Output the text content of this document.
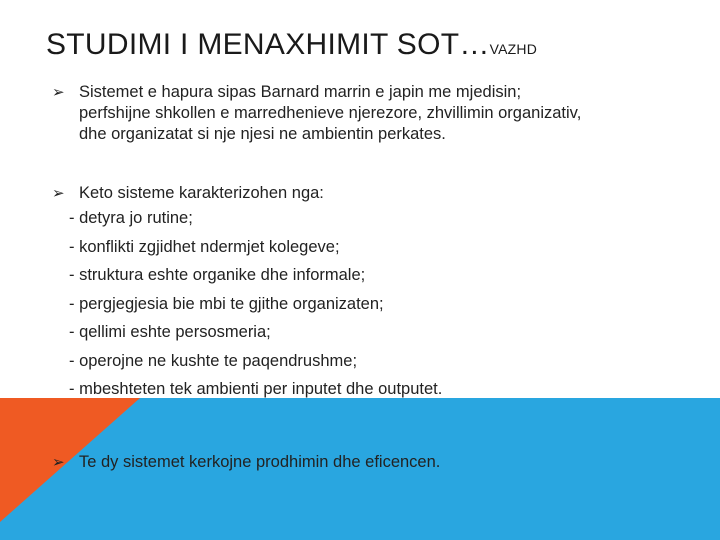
STUDIMI I MENAXHIMIT SOT…VAZHD
➢ Sistemet e hapura sipas Barnard marrin e japin me mjedisin;

perfshijne shkollen e marredhenieve njerezore, zhvillimin organizativ,

dhe organizatat si nje njesi ne ambientin perkates.

➢ Keto sisteme karakterizohen nga:
- detyra jo rutine;
- konflikti zgjidhet ndermjet kolegeve;
- struktura eshte organike dhe informale;
- pergjegjesia bie mbi te gjithe organizaten;
- qellimi eshte persosmeria;
- operojne ne kushte te paqendrushme;
- mbeshteten tek ambienti per inputet dhe outputet.
➢ Te dy sistemet kerkojne prodhimin dhe eficencen.
